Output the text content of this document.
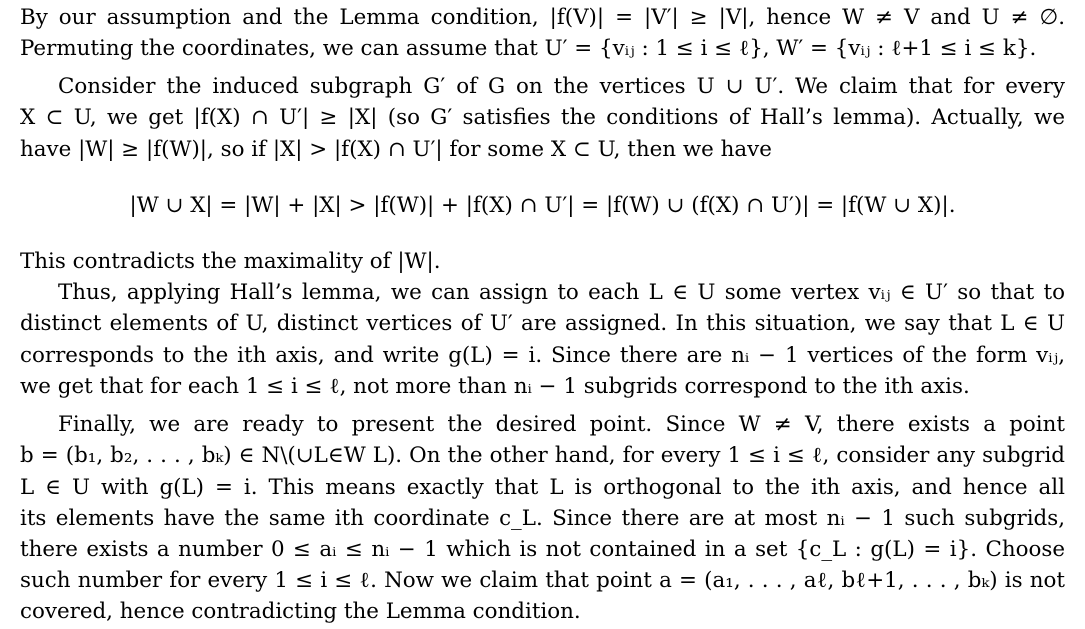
By our assumption and the Lemma condition, |f(V)| = |V′| ≥ |V|, hence W ≠ V and U ≠ ∅.
Permuting the coordinates, we can assume that U′ = {vᵢⱼ : 1 ≤ i ≤ ℓ}, W′ = {vᵢⱼ : ℓ+1 ≤ i ≤ k}.
Consider the induced subgraph G′ of G on the vertices U ∪ U′. We claim that for every
X ⊂ U, we get |f(X) ∩ U′| ≥ |X| (so G′ satisfies the conditions of Hall’s lemma). Actually, we
have |W| ≥ |f(W)|, so if |X| > |f(X) ∩ U′| for some X ⊂ U, then we have
|W ∪ X| = |W| + |X| > |f(W)| + |f(X) ∩ U′| = |f(W) ∪ (f(X) ∩ U′)| = |f(W ∪ X)|.
This contradicts the maximality of |W|.
Thus, applying Hall’s lemma, we can assign to each L ∈ U some vertex vᵢⱼ ∈ U′ so that to
distinct elements of U, distinct vertices of U′ are assigned. In this situation, we say that L ∈ U
corresponds to the ith axis, and write g(L) = i. Since there are nᵢ − 1 vertices of the form vᵢⱼ,
we get that for each 1 ≤ i ≤ ℓ, not more than nᵢ − 1 subgrids correspond to the ith axis.
Finally, we are ready to present the desired point. Since W ≠ V, there exists a point
b = (b₁, b₂, . . . , bₖ) ∈ N\(∪L∈W L). On the other hand, for every 1 ≤ i ≤ ℓ, consider any subgrid
L ∈ U with g(L) = i. This means exactly that L is orthogonal to the ith axis, and hence all
its elements have the same ith coordinate c_L. Since there are at most nᵢ − 1 such subgrids,
there exists a number 0 ≤ aᵢ ≤ nᵢ − 1 which is not contained in a set {c_L : g(L) = i}. Choose
such number for every 1 ≤ i ≤ ℓ. Now we claim that point a = (a₁, . . . , aℓ, bℓ+1, . . . , bₖ) is not
covered, hence contradicting the Lemma condition.
